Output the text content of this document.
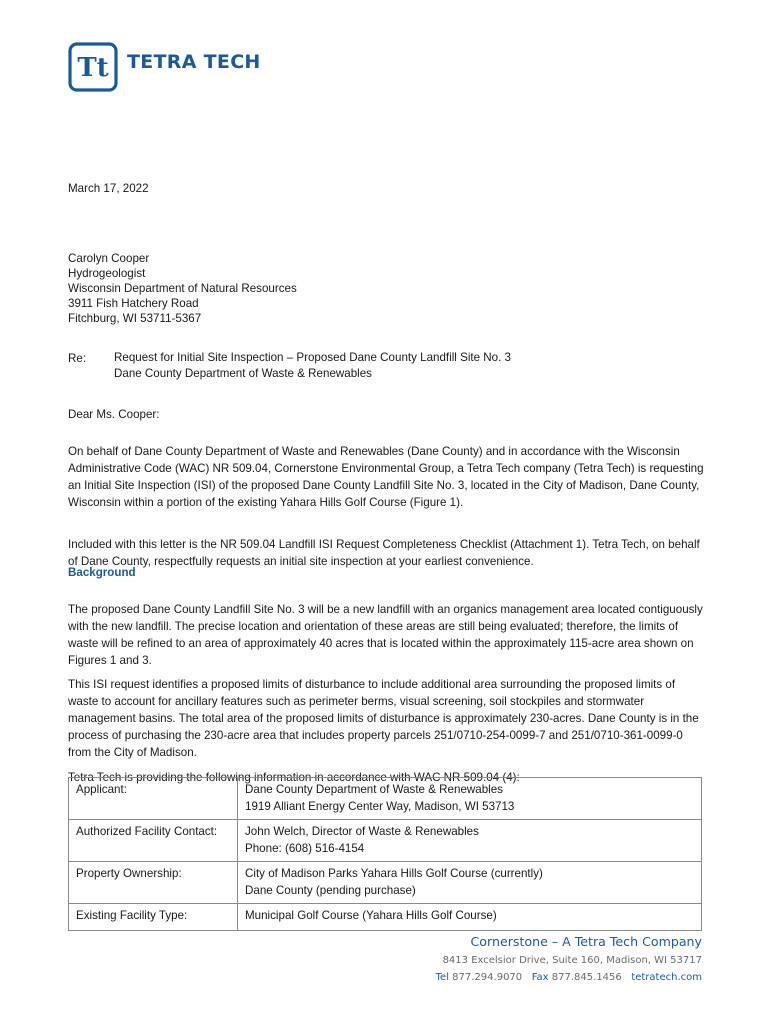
Tt TETRA TECH
March 17, 2022
Carolyn Cooper
Hydrogeologist
Wisconsin Department of Natural Resources
3911 Fish Hatchery Road
Fitchburg, WI 53711-5367
Re:	Request for Initial Site Inspection – Proposed Dane County Landfill Site No. 3
Dane County Department of Waste & Renewables
Dear Ms. Cooper:

On behalf of Dane County Department of Waste and Renewables (Dane County) and in accordance with the Wisconsin Administrative Code (WAC) NR 509.04, Cornerstone Environmental Group, a Tetra Tech company (Tetra Tech) is requesting an Initial Site Inspection (ISI) of the proposed Dane County Landfill Site No. 3, located in the City of Madison, Dane County, Wisconsin within a portion of the existing Yahara Hills Golf Course (Figure 1).

Included with this letter is the NR 509.04 Landfill ISI Request Completeness Checklist (Attachment 1). Tetra Tech, on behalf of Dane County, respectfully requests an initial site inspection at your earliest convenience.

Background

The proposed Dane County Landfill Site No. 3 will be a new landfill with an organics management area located contiguously with the new landfill. The precise location and orientation of these areas are still being evaluated; therefore, the limits of waste will be refined to an area of approximately 40 acres that is located within the approximately 115-acre area shown on Figures 1 and 3.

This ISI request identifies a proposed limits of disturbance to include additional area surrounding the proposed limits of waste to account for ancillary features such as perimeter berms, visual screening, soil stockpiles and stormwater management basins. The total area of the proposed limits of disturbance is approximately 230-acres. Dane County is in the process of purchasing the 230-acre area that includes property parcels 251/0710-254-0099-7 and 251/0710-361-0099-0 from the City of Madison.

Tetra Tech is providing the following information in accordance with WAC NR 509.04 (4):

Applicant:	Dane County Department of Waste & Renewables
1919 Alliant Energy Center Way, Madison, WI 53713

Authorized Facility Contact:	John Welch, Director of Waste & Renewables
Phone: (608) 516-4154

Property Ownership:	City of Madison Parks Yahara Hills Golf Course (currently)
Dane County (pending purchase)

Existing Facility Type:	Municipal Golf Course (Yahara Hills Golf Course)
Cornerstone – A Tetra Tech Company
8413 Excelsior Drive, Suite 160, Madison, WI 53717
Tel 877.294.9070 Fax 877.845.1456 tetratech.com
